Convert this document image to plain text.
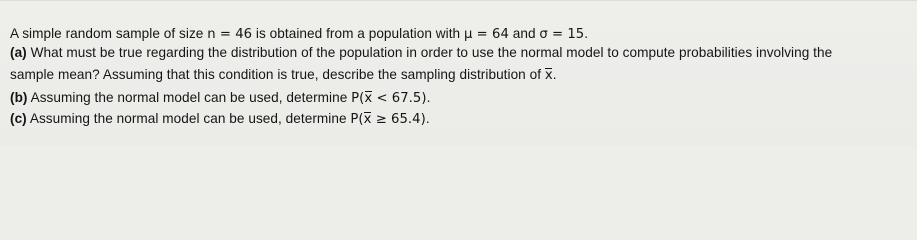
A simple random sample of size n = 46 is obtained from a population with μ = 64 and σ = 15.
(a) What must be true regarding the distribution of the population in order to use the normal model to compute probabilities involving the
sample mean? Assuming that this condition is true, describe the sampling distribution of x.
(b) Assuming the normal model can be used, determine P(x < 67.5).
(c) Assuming the normal model can be used, determine P(x ≥ 65.4).
